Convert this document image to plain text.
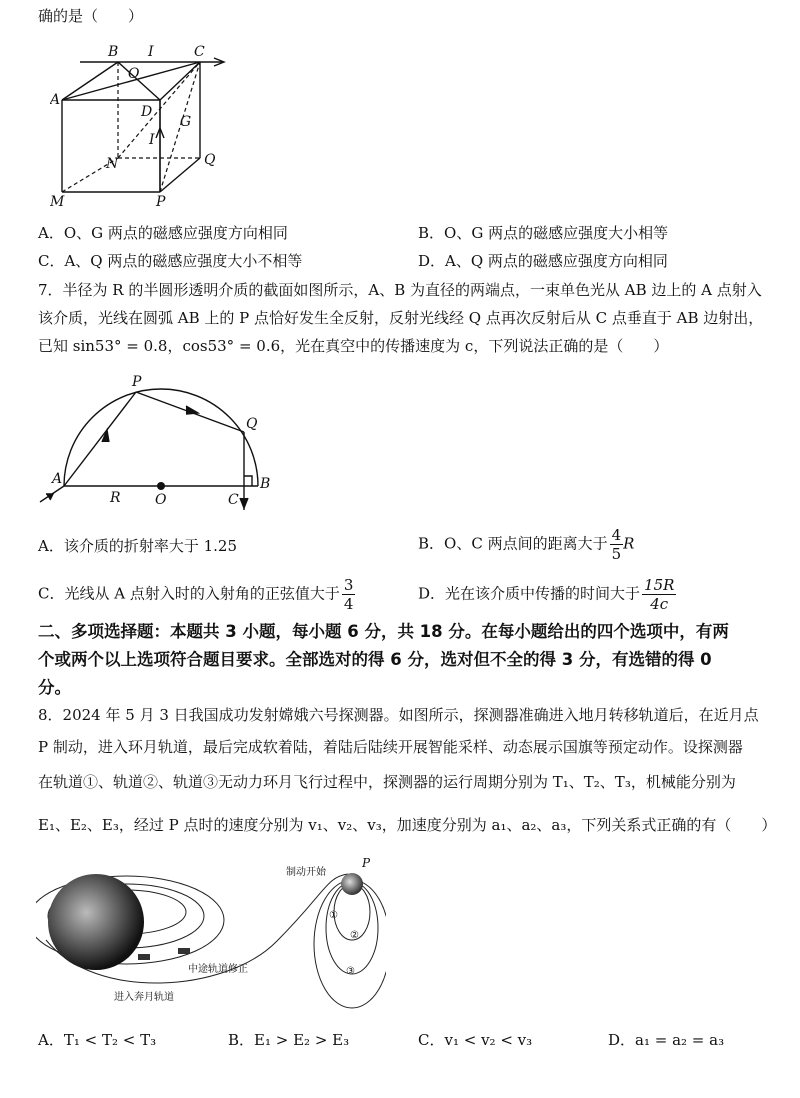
确的是（　　）
B I	C
O
A
D
G
I
N	Q
M	P
A．O、G 两点的磁感应强度方向相同	B．O、G 两点的磁感应强度大小相等
C．A、Q 两点的磁感应强度大小不相等	D．A、Q 两点的磁感应强度方向相同
7．半径为 R 的半圆形透明介质的截面如图所示，A、B 为直径的两端点，一束单色光从 AB 边上的 A 点射入
该介质，光线在圆弧 AB 上的 P 点恰好发生全反射，反射光线经 Q 点再次反射后从 C 点垂直于 AB 边射出，
已知 sin53° = 0.8，cos53° = 0.6，光在真空中的传播速度为 c，下列说法正确的是（　　）
P
Q
A
R O	C
B
A．该介质的折射率大于 1.25	B．O、C 两点间的距离大于 $\frac{4}{5}$ R
C．光线从 A 点射入时的入射角的正弦值大于 $\frac{3}{4}$	D．光在该介质中传播的时间大于 $\frac{15R}{4c}$
二、多项选择题：本题共 3 小题，每小题 6 分，共 18 分。在每小题给出的四个选项中，有两
个或两个以上选项符合题目要求。全部选对的得 6 分，选对但不全的得 3 分，有选错的得 0
分。
8．2024 年 5 月 3 日我国成功发射嫦娥六号探测器。如图所示，探测器准确进入地月转移轨道后，在近月点
P 制动，进入环月轨道，最后完成软着陆，着陆后陆续开展智能采样、动态展示国旗等预定动作。设探测器
在轨道①、轨道②、轨道③无动力环月飞行过程中，探测器的运行周期分别为 T₁、T₂、T₃，机械能分别为
E₁、E₂、E₃，经过 P 点时的速度分别为 v₁、v₂、v₃，加速度分别为 a₁、a₂、a₃，下列关系式正确的有（　　）
制动开始
P
①
②
③
中途轨道修正
进入奔月轨道
A．T₁ < T₂ < T₃	B．E₁ > E₂ > E₃	C．v₁ < v₂ < v₃	D．a₁ = a₂ = a₃
